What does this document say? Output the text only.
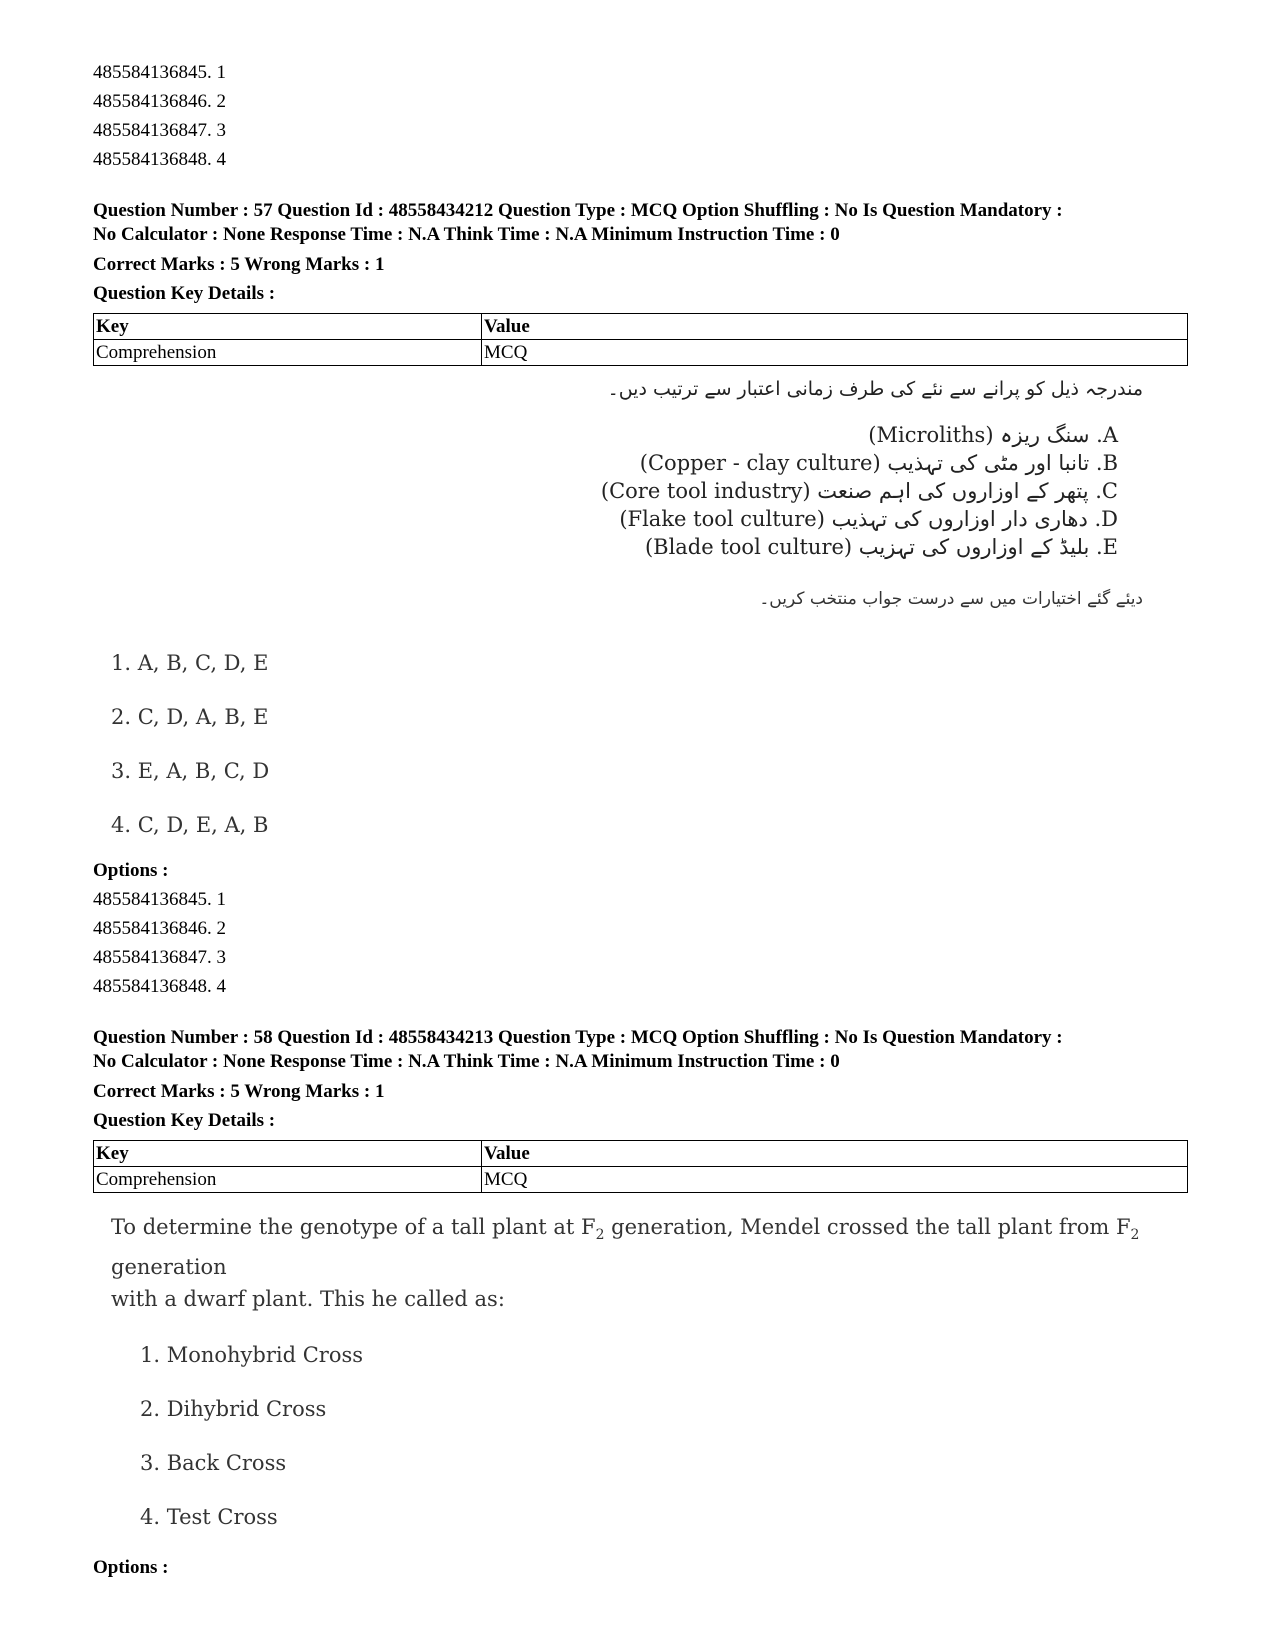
485584136845. 1
485584136846. 2
485584136847. 3
485584136848. 4
Question Number : 57 Question Id : 48558434212 Question Type : MCQ Option Shuffling : No Is Question Mandatory :
No Calculator : None Response Time : N.A Think Time : N.A Minimum Instruction Time : 0
Correct Marks : 5 Wrong Marks : 1
Question Key Details :
Key	Value
Comprehension	MCQ
مندرجہ ذیل کو پرانے سے نئے کی طرف زمانی اعتبار سے ترتیب دیں۔
A. سنگ ریزہ (Microliths)
B. تانبا اور مٹی کی تہذیب (Copper - clay culture)
C. پتھر کے اوزاروں کی اہم صنعت (Core tool industry)
D. دھاری دار اوزاروں کی تہذیب (Flake tool culture)
E. بلیڈ کے اوزاروں کی تہزیب (Blade tool culture)
دیئے گئے اختیارات میں سے درست جواب منتخب کریں۔
1. A, B, C, D, E
2. C, D, A, B, E
3. E, A, B, C, D
4. C, D, E, A, B
Options :
485584136845. 1
485584136846. 2
485584136847. 3
485584136848. 4
Question Number : 58 Question Id : 48558434213 Question Type : MCQ Option Shuffling : No Is Question Mandatory :
No Calculator : None Response Time : N.A Think Time : N.A Minimum Instruction Time : 0
Correct Marks : 5 Wrong Marks : 1
Question Key Details :
Key	Value
Comprehension	MCQ
To determine the genotype of a tall plant at $F_2$ generation, Mendel crossed the tall plant from $F_2$ generation
with a dwarf plant. This he called as:
1. Monohybrid Cross
2. Dihybrid Cross
3. Back Cross
4. Test Cross
Options :
